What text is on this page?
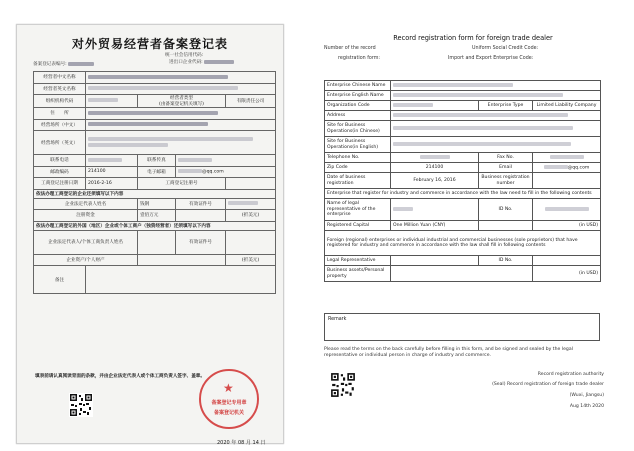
对外贸易经营者备案登记表
统一社会信用代码:
进出口企业代码:
备案登记表编号:
经营者中文名称				
经营者英文名称				
组织机构代码		经营者类型
(由备案登记机关填写)		有限责任公司
住　　所				
经营场所（中文）				
经营场所（英文）				

联系电话		联系传真		
邮政编码	214100	电子邮箱	@qq.com	
工商登记注册日期	2016-2-16	工商登记注册号		
依法办理工商登记的企业还须填写以下内容				
企业法定代表人姓名		钱钢	有效证件号	
注册资金		壹佰万元		(折美元)
依法办理工商登记的外国（地区）企业或个体工商户（独资经营者）还须填写以下内容				
企业法定代表人/个体工商负责人姓名			有效证件号	
企业资产/个人财产				(折美元)
备注				
填表前请认真阅读背面的条款，并由企业法定代表人或个体工商负责人签字、盖章。
★
备案登记专用章
备案登记机关
2020 年 08 月 14 日
Record registration form for foreign trade dealer
Number of the record
registration form:
Uniform Social Credit Code:
Import and Export Enterprise Code:
Enterprise Chinese Name			
Enterprise English Name			
Organization Code		Enterprise Type	Limited Liability Company
Address			
Site for Business Operations(in Chinese)			
Site for Business Operations(in English)			
Telephone No.		Fax No.	
Zip Code	214100	Email	@qq.com
Date of business registration	February 16, 2016	Business registration number	
Enterprise that register for industry and commerce in accordance with the law need to fill in the following contents			
Name of legal representative of the enterprise		ID No.	
Registered Capital	One Million Yuan (CNY)		(in USD)
Foreign (regional) enterprises or individual industrial and commercial businesses (sole proprietors) that have registered for industry and commerce in accordance with the law shall fill in following contents			
Legal Representative		ID No.	
Business assets/Personal property			(in USD)
Remark
Please read the terms on the back carefully before filling in this form, and be signed and sealed by the legal representative or individual person in charge of industry and commerce.
Record registration authority
(Seal) Record registration of foreign trade dealer
(Wuxi, Jiangsu)
Aug 14th 2020
